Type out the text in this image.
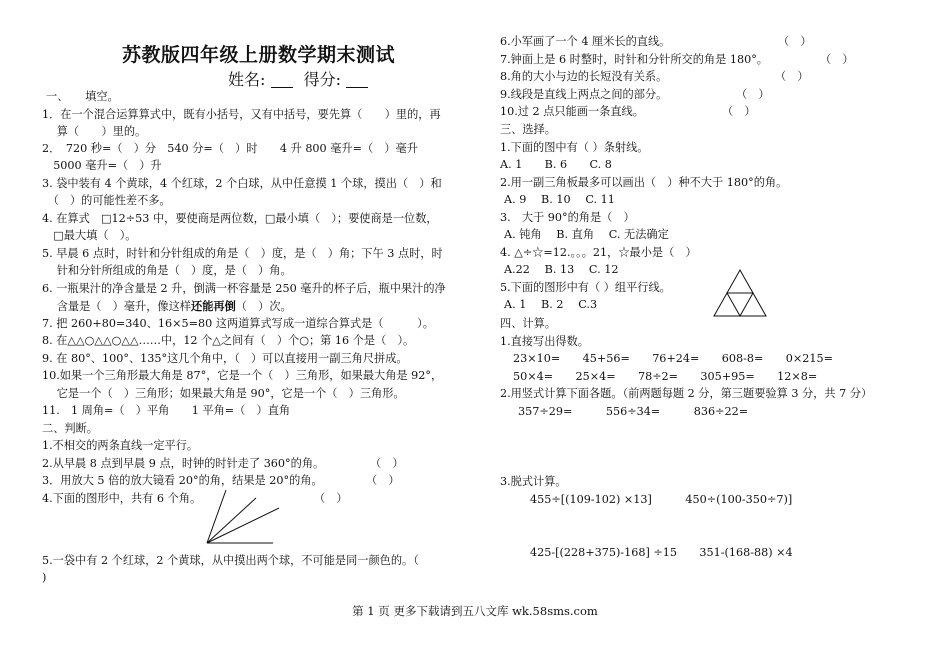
苏教版四年级上册数学期末测试
姓名: 得分:
一、　　填空。
1．在一个混合运算算式中，既有小括号，又有中括号，要先算（　　）里的，再
　 算（　　）里的。
2．　720 秒=（　）分　540 分=（　）时　　4 升 800 毫升=（　）毫升
　5000 毫升=（　）升
3. 袋中装有 4 个黄球，4 个红球，2 个白球，从中任意摸 1 个球，摸出（　）和
　（　）的可能性差不多。
4. 在算式　□12÷53 中，要使商是两位数，□最小填（　）；要使商是一位数，
　□最大填（　）。
5. 早晨 6 点时，时针和分针组成的角是（　）度，是（　）角；下午 3 点时，时
　 针和分针所组成的角是（　）度，是（　）角。
6. 一瓶果汁的净含量是 2 升，倒满一杯容量是 250 毫升的杯子后，瓶中果汁的净
　 含量是（　）毫升，像这样还能再倒（　）次。
7. 把 260+80=340、16×5=80 这两道算式写成一道综合算式是（　　　）。
8. 在△△○△△○△△……中，12 个△之间有（　）个○；第 16 个是（　）。
9. 在 80°、100°、135°这几个角中，（　）可以直接用一副三角尺拼成。
10.如果一个三角形最大角是 87°，它是一个（　）三角形，如果最大角是 92°，
　 它是一个（　）三角形；如果最大角是 90°，它是一个（　）三角形。
11.　1 周角=（　）平角　　1 平角=（　）直角
二、判断。
1.不相交的两条直线一定平行。
2.从早晨 8 点到早晨 9 点，时钟的时针走了 360°的角。	（　）
3．用放大 5 倍的放大镜看 20°的角，结果是 20°的角。	（　）
4.下面的图形中，共有 6 个角。	（　）
5.一袋中有 2 个红球，2 个黄球，从中摸出两个球，不可能是同一颜色的。（
)
6.小军画了一个 4 厘米长的直线。	（　）
7.钟面上是 6 时整时，时针和分针所交的角是 180°。	（　）
8.角的大小与边的长短没有关系。	（　）
9.线段是直线上两点之间的部分。	（　）
10.过 2 点只能画一条直线。	（　）
三、选择。
1.下面的图中有（ ）条射线。
A. 1　　B. 6　　C. 8
2.用一副三角板最多可以画出（　）种不大于 180°的角。
A. 9　 B. 10　 C. 11
3.　大于 90°的角是（　）
A. 钝角　 B. 直角　 C. 无法确定
4. △÷☆=12.。。。21，☆最小是（　）
A.22　 B. 13　 C. 12
5.下面的图形中有（ ）组平行线。
A. 1　 B. 2　 C.3
四、计算。
1.直接写出得数。
23×10=　　45+56=　　76+24=　　608-8=　　0×215=
50×4=　　25×4=　　78÷2=　　305+95=　　12×8=
2.用竖式计算下面各题。（前两题每题 2 分，第三题要验算 3 分，共 7 分）
357÷29=　　　556÷34=　　　836÷22=
3.脱式计算。
455÷[(109-102) ×13]　　　450÷(100-350÷7)]
425-[(228+375)-168] ÷15　　351-(168-88) ×4
第 1 页 更多下载请到五八文库 wk.58sms.com
